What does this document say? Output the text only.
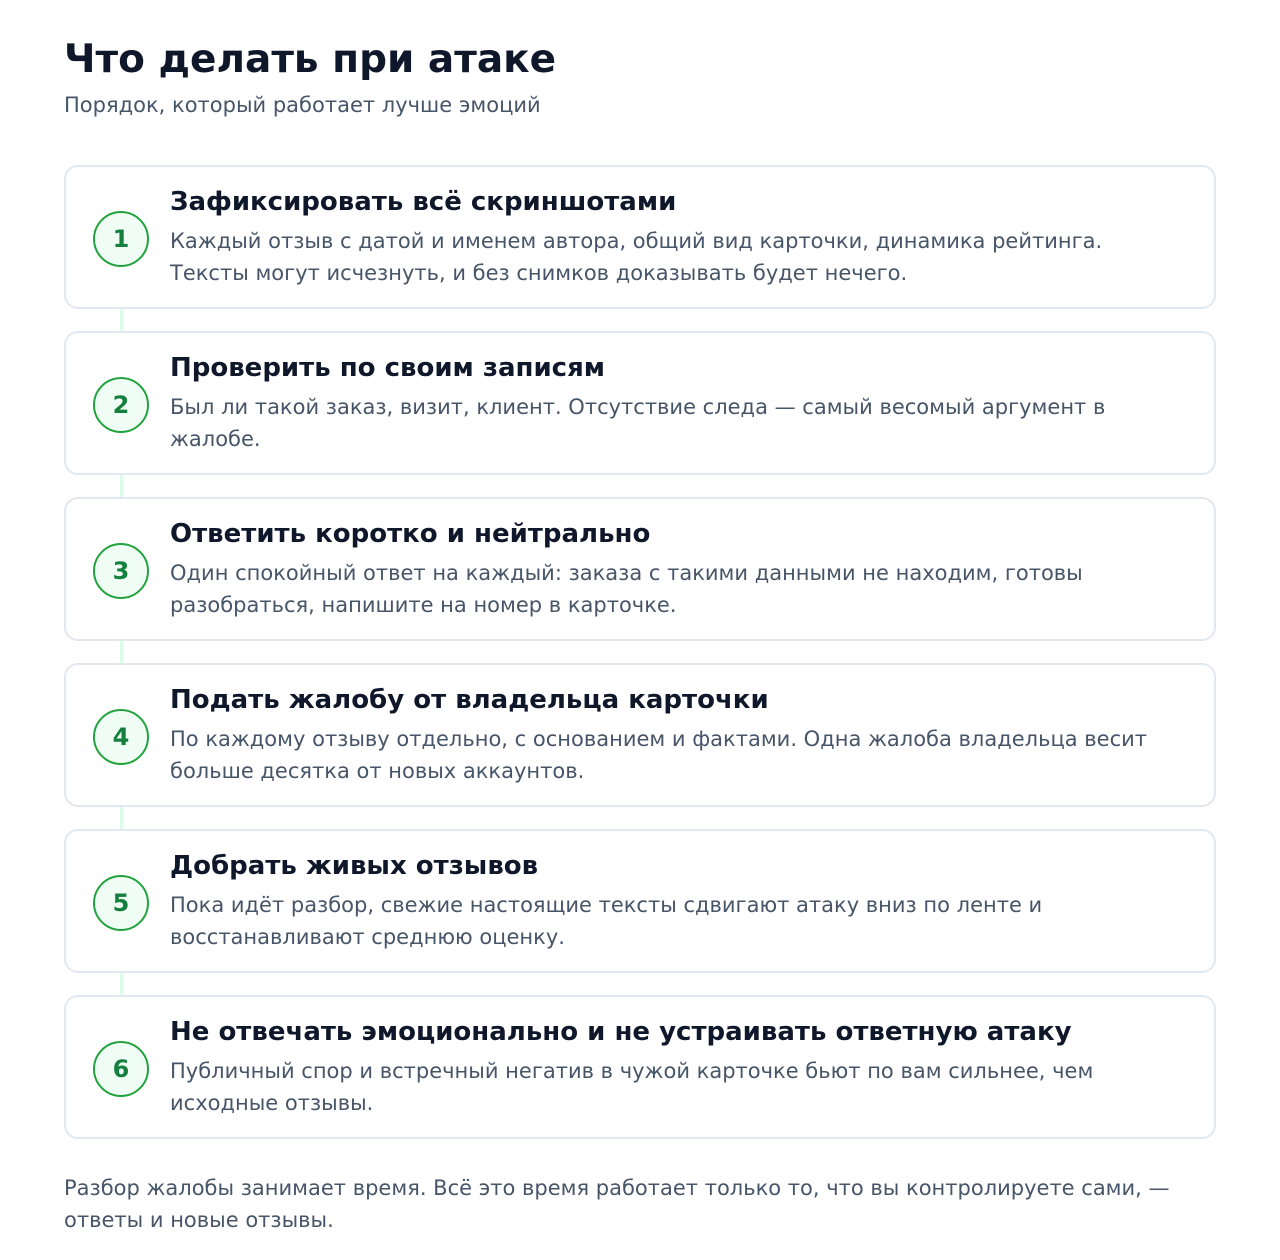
Что делать при атаке

Порядок, который работает лучше эмоций

1
Зафиксировать всё скриншотами

Каждый отзыв с датой и именем автора, общий вид карточки, динамика рейтинга. Тексты могут исчезнуть, и без снимков доказывать будет нечего.

2
Проверить по своим записям

Был ли такой заказ, визит, клиент. Отсутствие следа — самый весомый аргумент в жалобе.

3
Ответить коротко и нейтрально

Один спокойный ответ на каждый: заказа с такими данными не находим, готовы разобраться, напишите на номер в карточке.

4
Подать жалобу от владельца карточки

По каждому отзыву отдельно, с основанием и фактами. Одна жалоба владельца весит больше десятка от новых аккаунтов.

5
Добрать живых отзывов

Пока идёт разбор, свежие настоящие тексты сдвигают атаку вниз по ленте и восстанавливают среднюю оценку.

6
Не отвечать эмоционально и не устраивать ответную атаку

Публичный спор и встречный негатив в чужой карточке бьют по вам сильнее, чем исходные отзывы.

Разбор жалобы занимает время. Всё это время работает только то, что вы контролируете сами, — ответы и новые отзывы.
